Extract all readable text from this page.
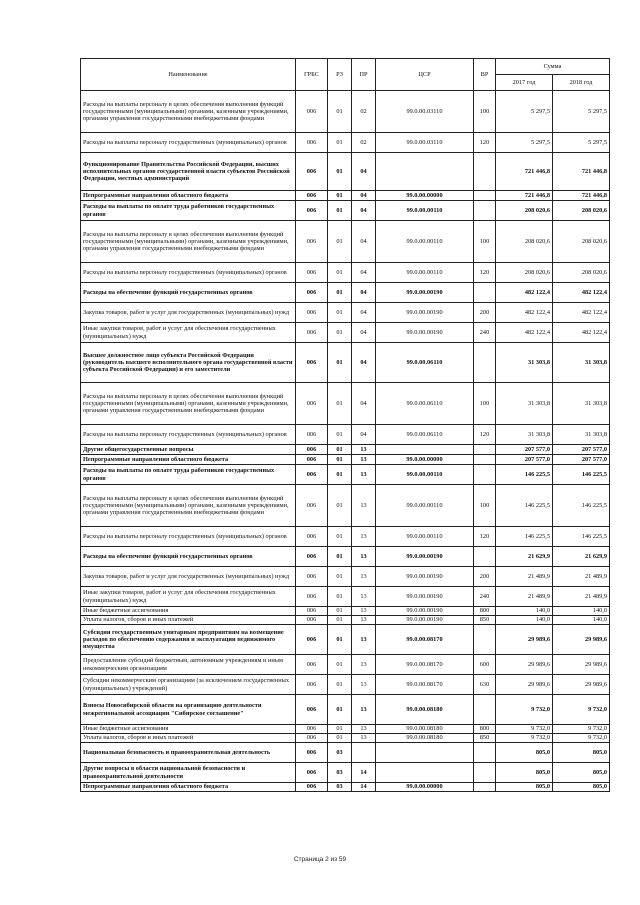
Наименование	ГРБС	РЗ	ПР	ЦСР	ВР	Сумма	
						2017 год	2018 год
Расходы на выплаты персоналу в целях обеспечения выполнения функций государственными (муниципальными) органами, казенными учреждениями, органами управления государственными внебюджетными фондами	006	01	02	99.0.00.03110	100	5 297,5	5 297,5
Расходы на выплаты персоналу государственных (муниципальных) органов	006	01	02	99.0.00.03110	120	5 297,5	5 297,5
Функционирование Правительства Российской Федерации, высших исполнительных органов государственной власти субъектов Российской Федерации, местных администраций	006	01	04			721 446,8	721 446,8
Непрограммные направления областного бюджета	006	01	04	99.0.00.00000		721 446,8	721 446,8
Расходы на выплаты по оплате труда работников государственных органов	006	01	04	99.0.00.00110		208 020,6	208 020,6
Расходы на выплаты персоналу в целях обеспечения выполнения функций государственными (муниципальными) органами, казенными учреждениями, органами управления государственными внебюджетными фондами	006	01	04	99.0.00.00110	100	208 020,6	208 020,6
Расходы на выплаты персоналу государственных (муниципальных) органов	006	01	04	99.0.00.00110	120	208 020,6	208 020,6
Расходы на обеспечение функций государственных органов	006	01	04	99.0.00.00190		482 122,4	482 122,4
Закупка товаров, работ и услуг для государственных (муниципальных) нужд	006	01	04	99.0.00.00190	200	482 122,4	482 122,4
Иные закупки товаров, работ и услуг для обеспечения государственных (муниципальных) нужд	006	01	04	99.0.00.00190	240	482 122,4	482 122,4
Высшее должностное лицо субъекта Российской Федерации (руководитель высшего исполнительного органа государственной власти субъекта Российской Федерации) и его заместители	006	01	04	99.0.00.06110		31 303,8	31 303,8
Расходы на выплаты персоналу в целях обеспечения выполнения функций государственными (муниципальными) органами, казенными учреждениями, органами управления государственными внебюджетными фондами	006	01	04	99.0.00.06110	100	31 303,8	31 303,8
Расходы на выплаты персоналу государственных (муниципальных) органов	006	01	04	99.0.00.06110	120	31 303,8	31 303,8
Другие общегосударственные вопросы	006	01	13			207 577,0	207 577,0
Непрограммные направления областного бюджета	006	01	13	99.0.00.00000		207 577,0	207 577,0
Расходы на выплаты по оплате труда работников государственных органов	006	01	13	99.0.00.00110		146 225,5	146 225,5
Расходы на выплаты персоналу в целях обеспечения выполнения функций государственными (муниципальными) органами, казенными учреждениями, органами управления государственными внебюджетными фондами	006	01	13	99.0.00.00110	100	146 225,5	146 225,5
Расходы на выплаты персоналу государственных (муниципальных) органов	006	01	13	99.0.00.00110	120	146 225,5	146 225,5
Расходы на обеспечение функций государственных органов	006	01	13	99.0.00.00190		21 629,9	21 629,9
Закупка товаров, работ и услуг для государственных (муниципальных) нужд	006	01	13	99.0.00.00190	200	21 489,9	21 489,9
Иные закупки товаров, работ и услуг для обеспечения государственных (муниципальных) нужд	006	01	13	99.0.00.00190	240	21 489,9	21 489,9
Иные бюджетные ассигнования	006	01	13	99.0.00.00190	800	140,0	140,0
Уплата налогов, сборов и иных платежей	006	01	13	99.0.00.00190	850	140,0	140,0
Субсидии государственным унитарным предприятиям на возмещение расходов по обеспечению содержания и эксплуатации недвижимого имущества	006	01	13	99.0.00.08170		29 989,6	29 989,6
Предоставление субсидий бюджетным, автономным учреждениям и иным некоммерческим организациям	006	01	13	99.0.00.08170	600	29 989,6	29 989,6
Субсидии некоммерческим организациям (за исключением государственных (муниципальных) учреждений)	006	01	13	99.0.00.08170	630	29 989,6	29 989,6
Взносы Новосибирской области на организацию деятельности межрегиональной ассоциации "Сибирское соглашение"	006	01	13	99.0.00.08180		9 732,0	9 732,0
Иные бюджетные ассигнования	006	01	13	99.0.00.08180	800	9 732,0	9 732,0
Уплата налогов, сборов и иных платежей	006	01	13	99.0.00.08180	850	9 732,0	9 732,0
Национальная безопасность и правоохранительная деятельность	006	03				805,0	805,0
Другие вопросы в области национальной безопасности и правоохранительной деятельности	006	03	14			805,0	805,0
Непрограммные направления областного бюджета	006	03	14	99.0.00.00000		805,0	805,0
Страница 2 из 59
